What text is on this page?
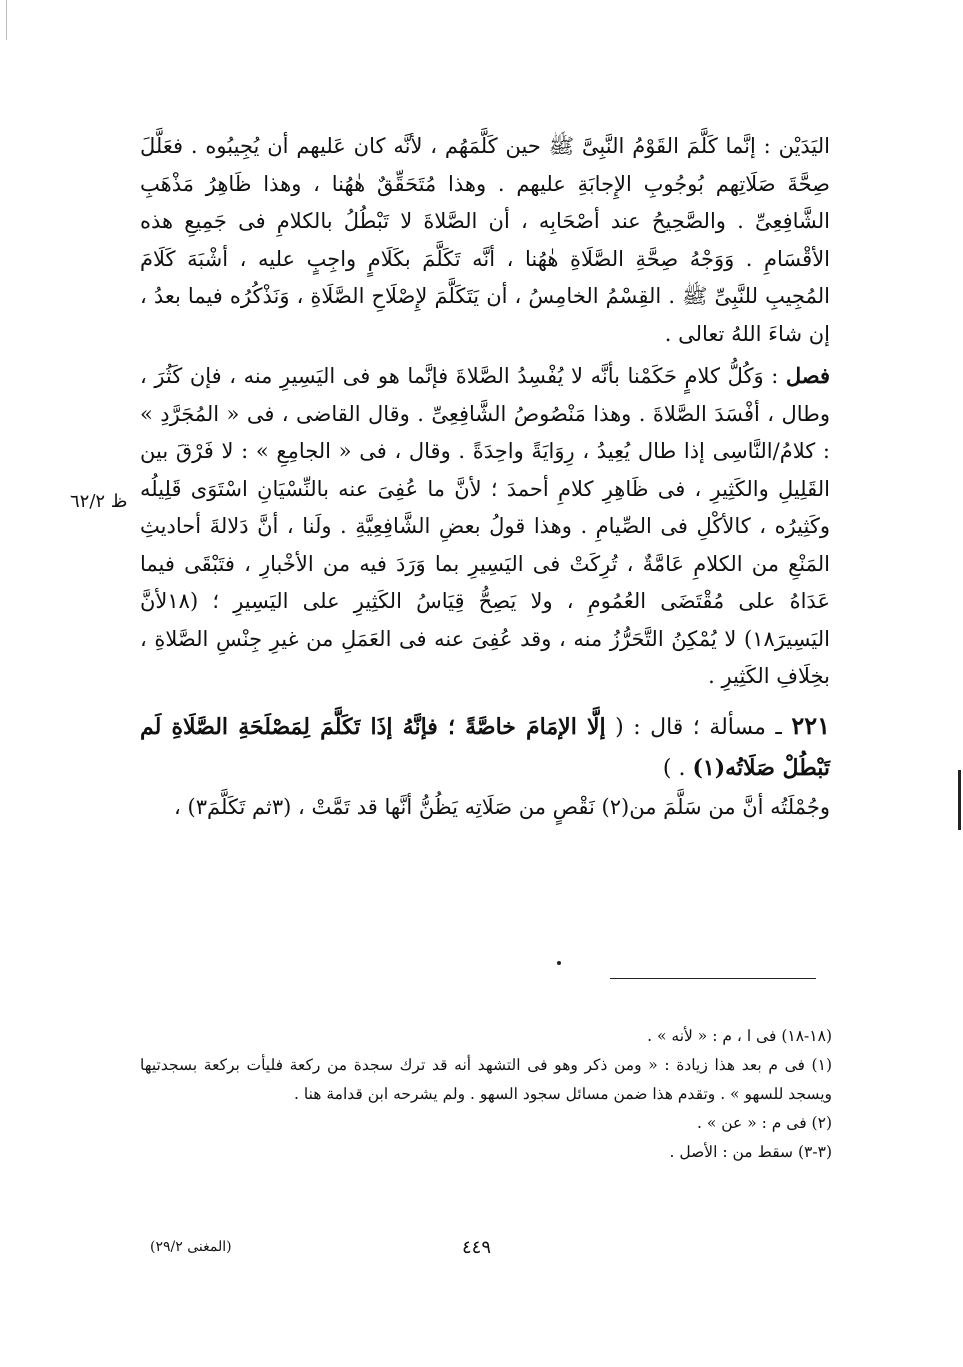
اليَدَيْن : إنَّما كَلَّمَ القَوْمُ النَّبِىَّ ﷺ حين كَلَّمَهُم ، لأنَّه كان عَليهم أن يُجِيبُوه . فعَلَّلَ صِحَّةَ صَلَاتِهم بُوجُوبِ الإِجابَةِ عليهم . وهذا مُتَحَقِّقٌ هٰهُنا ، وهذا ظَاهِرُ مَذْهَبِ الشَّافِعِىِّ . والصَّحِيحُ عند أصْحَابِه ، أن الصَّلاةَ لا تَبْطُلُ بالكلامِ فى جَمِيعِ هذه الأقْسَامِ . وَوَجْهُ صِحَّةِ الصَّلَاةِ هٰهُنا ، أنَّه تَكَلَّمَ بكَلَامٍ واجِبٍ عليه ، أشْبَهَ كَلَامَ المُجِيبِ للنَّبِىِّ ﷺ . القِسْمُ الخامِسُ ، أن يَتَكَلَّمَ لإِصْلَاحِ الصَّلَاةِ ، وَنَذْكُرُه فيما بعدُ ، إن شاءَ اللهُ تعالى .

فصل : وَكُلُّ كلامٍ حَكَمْنا بأنَّه لا يُفْسِدُ الصَّلاةَ فإنَّما هو فى اليَسِيرِ منه ، فإن كَثُرَ ، وطال ، أفْسَدَ الصَّلاةَ . وهذا مَنْصُوصُ الشَّافِعِىِّ . وقال القاضى ، فى « المُجَرَّدِ » : كلامُ/النَّاسِى إذا طال يُعِيدُ ، رِوَايَةً واحِدَةً . وقال ، فى « الجامِعِ » : لا فَرْقَ بين القَلِيلِ والكَثِيرِ ، فى ظَاهِرِ كلامِ أحمدَ ؛ لأنَّ ما عُفِىَ عنه بالنِّسْيَانِ اسْتَوَى قَلِيلُه وكَثِيرُه ، كالأكْلِ فى الصِّيامِ . وهذا قولُ بعضِ الشَّافِعِيَّةِ . ولَنا ، أنَّ دَلالةَ أحاديثِ المَنْعِ من الكلامِ عَامَّةٌ ، تُرِكَتْ فى اليَسِيرِ بما وَرَدَ فيه من الأخْبارِ ، فتَبْقَى فيما عَدَاهُ على مُقْتَضَى العُمُومِ ، ولا يَصِحُّ قِيَاسُ الكَثِيرِ على اليَسِيرِ ؛ (١٨لأنَّ اليَسِيرَ١٨) لا يُمْكِنُ التَّحَرُّزُ منه ، وقد عُفِىَ عنه فى العَمَلِ من غيرِ جِنْسِ الصَّلاةِ ، بخِلَافِ الكَثِيرِ .

٢٢١ ـ مسألة ؛ قال : ( إلَّا الإمَامَ خاصَّةً ؛ فإنَّهُ إذَا تَكَلَّمَ لِمَصْلَحَةِ الصَّلَاةِ لَم تَبْطُلْ صَلَاتُه(١) . )

وجُمْلَتُه أنَّ من سَلَّمَ من(٢) نَقْصٍ من صَلَاتِه يَظُنُّ أنَّها قد تَمَّتْ ، (٣ثم تَكَلَّمَ٣) ،

ظ ٦٢/٢

(١٨-١٨) فى ا ، م : « لأنه » .

(١) فى م بعد هذا زيادة : « ومن ذكر وهو فى التشهد أنه قد ترك سجدة من ركعة فليأت بركعة بسجدتيها ويسجد للسهو » . وتقدم هذا ضمن مسائل سجود السهو . ولم يشرحه ابن قدامة هنا .

(٢) فى م : « عن » .

(٣-٣) سقط من : الأصل .

٤٤٩
(المغنى ٢٩/٢)
